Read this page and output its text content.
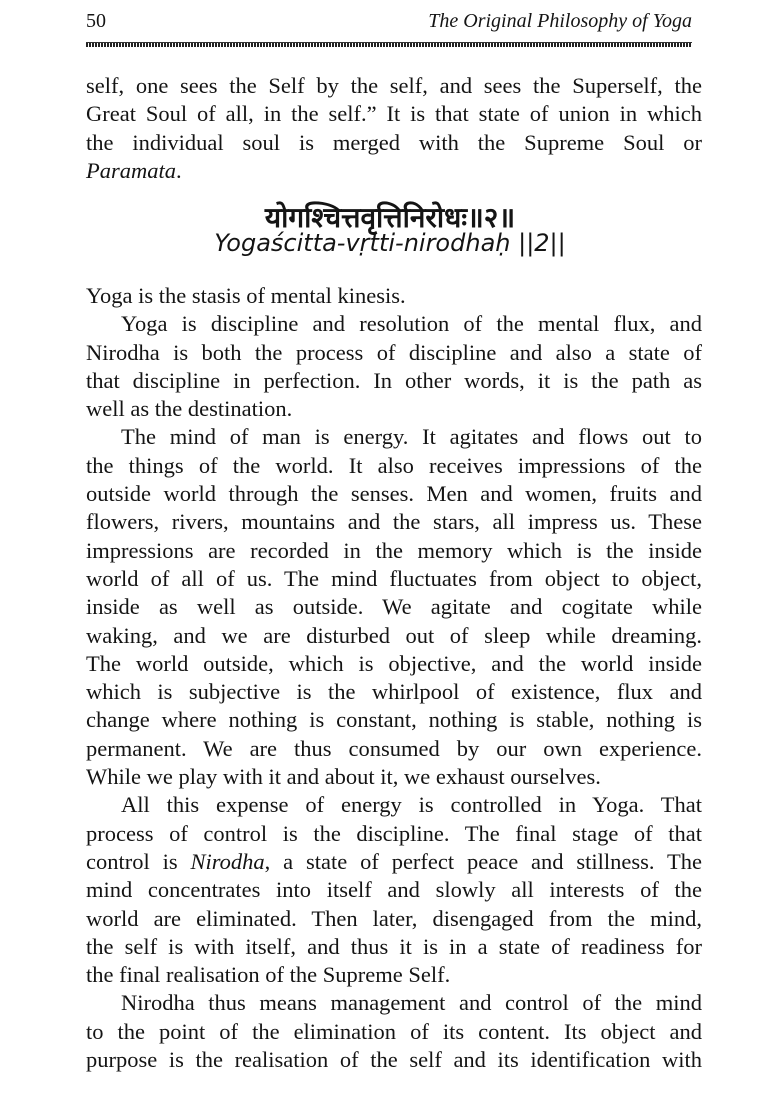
50	The Original Philosophy of Yoga
self, one sees the Self by the self, and sees the Superself, the
Great Soul of all, in the self.” It is that state of union in which
the individual soul is merged with the Supreme Soul or
Paramata.
योगश्चित्तवृत्तिनिरोधः॥२॥
Yogaścitta-vṛtti-nirodhaḥ ||2||
Yoga is the stasis of mental kinesis.
Yoga is discipline and resolution of the mental flux, and
Nirodha is both the process of discipline and also a state of
that discipline in perfection. In other words, it is the path as
well as the destination.
The mind of man is energy. It agitates and flows out to
the things of the world. It also receives impressions of the
outside world through the senses. Men and women, fruits and
flowers, rivers, mountains and the stars, all impress us. These
impressions are recorded in the memory which is the inside
world of all of us. The mind fluctuates from object to object,
inside as well as outside. We agitate and cogitate while
waking, and we are disturbed out of sleep while dreaming.
The world outside, which is objective, and the world inside
which is subjective is the whirlpool of existence, flux and
change where nothing is constant, nothing is stable, nothing is
permanent. We are thus consumed by our own experience.
While we play with it and about it, we exhaust ourselves.
All this expense of energy is controlled in Yoga. That
process of control is the discipline. The final stage of that
control is Nirodha, a state of perfect peace and stillness. The
mind concentrates into itself and slowly all interests of the
world are eliminated. Then later, disengaged from the mind,
the self is with itself, and thus it is in a state of readiness for
the final realisation of the Supreme Self.
Nirodha thus means management and control of the mind
to the point of the elimination of its content. Its object and
purpose is the realisation of the self and its identification with
